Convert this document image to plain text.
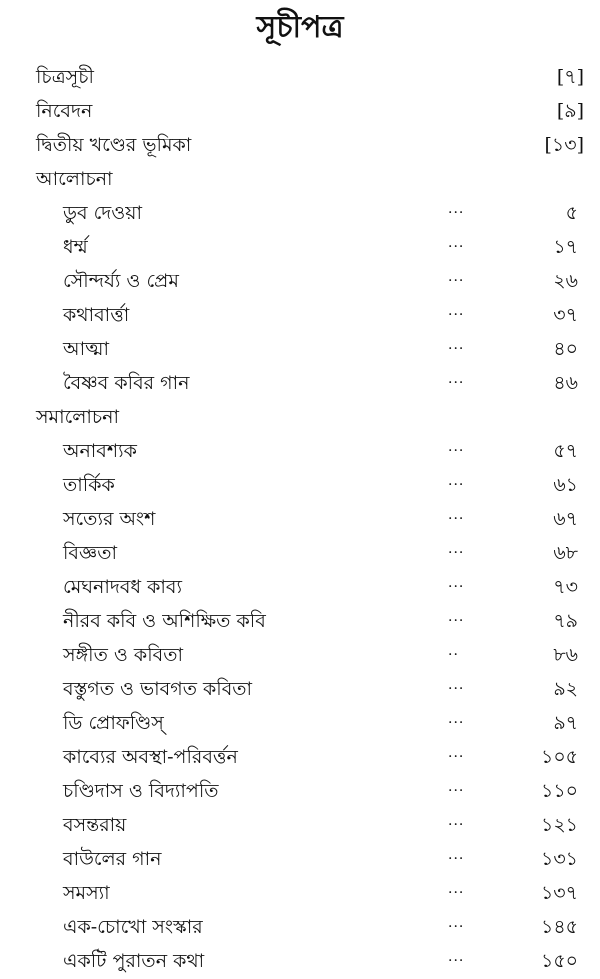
সূচীপত্র
চিত্রসূচী	[৭]
নিবেদন	[৯]
দ্বিতীয় খণ্ডের ভূমিকা	[১৩]
আলোচনা
ডুব দেওয়া	···	৫
ধর্ম্ম	···	১৭
সৌন্দর্য্য ও প্রেম	···	২৬
কথাবার্ত্তা	···	৩৭
আত্মা	···	৪০
বৈষ্ণব কবির গান	···	৪৬
সমালোচনা
অনাবশ্যক	···	৫৭
তার্কিক	···	৬১
সত্যের অংশ	···	৬৭
বিজ্ঞতা	···	৬৮
মেঘনাদবধ কাব্য	···	৭৩
নীরব কবি ও অশিক্ষিত কবি	···	৭৯
সঙ্গীত ও কবিতা	··	৮৬
বস্তুগত ও ভাবগত কবিতা	···	৯২
ডি প্রোফণ্ডিস্	···	৯৭
কাব্যের অবস্থা-পরিবর্ত্তন	···	১০৫
চণ্ডিদাস ও বিদ্যাপতি	···	১১০
বসন্তরায়	···	১২১
বাউলের গান	···	১৩১
সমস্যা	···	১৩৭
এক-চোখো সংস্কার	···	১৪৫
একটি পুরাতন কথা	···	১৫০
